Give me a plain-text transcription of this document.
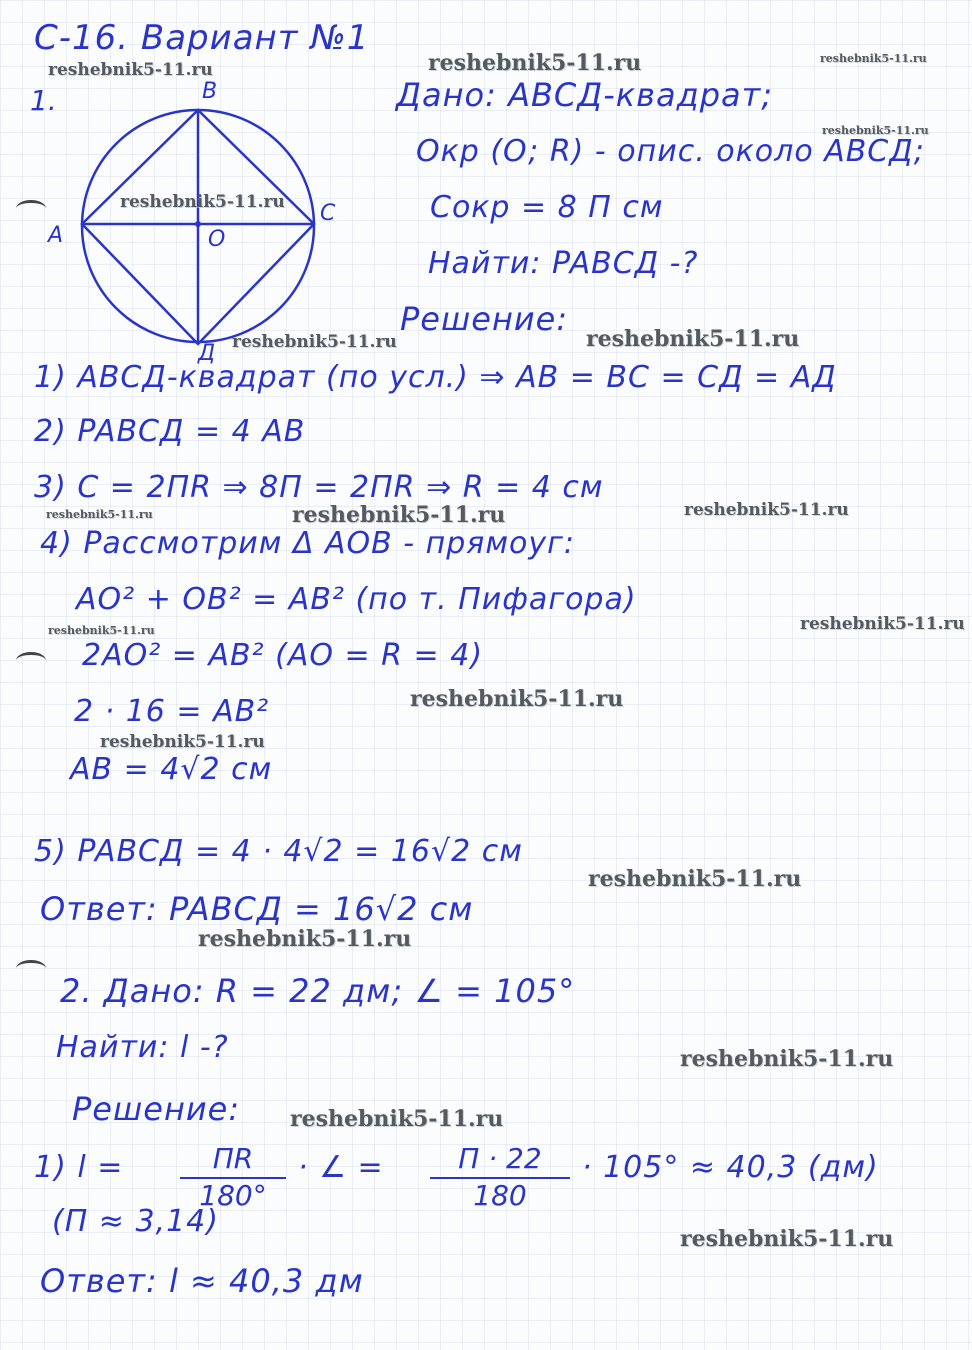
С-16. Вариант №1
1.	B
C
A
Д
O
Дано: ABCД-квадрат;
Окр (O; R) - опис. около ABCД;
Cокр = 8 П см
Найти: PABCД -?
Решение:
1) ABCД-квадрат (по усл.) ⇒ AB = BC = CД = AД
2) PABCД = 4 AB
3) C = 2ПR ⇒ 8П = 2ПR ⇒ R = 4 см
4) Рассмотрим Δ AOB - прямоуг:
AO² + OB² = AB² (по т. Пифагора)
2AO² = AB² (AO = R = 4)
2 · 16 = AB²
AB = 4√2 см
5) PABCД = 4 · 4√2 = 16√2 см
Ответ: PABCД = 16√2 см
2. Дано: R = 22 дм; ∠ = 105°
Найти: l -?
Решение:
1) l =	ПR
180°
· ∠ =	П · 22
180
· 105° ≈ 40,3 (дм)
(П ≈ 3,14)
Ответ: l ≈ 40,3 дм
reshebnik5-11.ru	reshebnik5-11.ru	reshebnik5-11.ru
reshebnik5-11.ru
reshebnik5-11.ru
reshebnik5-11.ru
reshebnik5-11.ru
reshebnik5-11.ru	reshebnik5-11.ru	reshebnik5-11.ru
reshebnik5-11.ru	reshebnik5-11.ru
reshebnik5-11.ru
reshebnik5-11.ru
reshebnik5-11.ru
reshebnik5-11.ru
reshebnik5-11.ru
reshebnik5-11.ru
reshebnik5-11.ru
